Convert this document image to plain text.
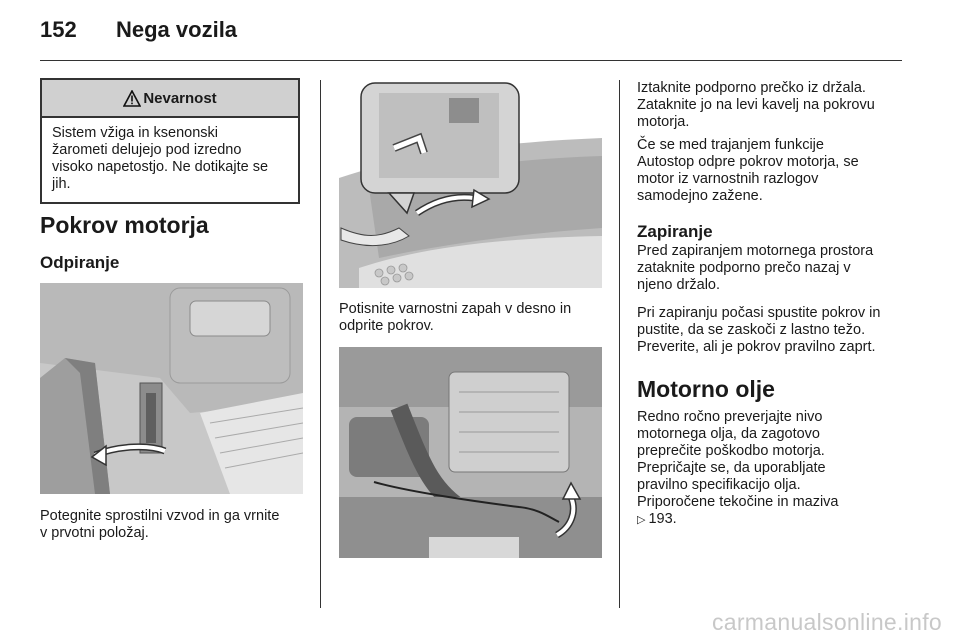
152 Nega vozila
Nevarnost
Sistem vžiga in ksenonski
žarometi delujejo pod izredno
visoko napetostjo. Ne dotikajte se
jih.
Pokrov motorja
Odpiranje
Potegnite sprostilni vzvod in ga vrnite
v prvotni položaj.
Potisnite varnostni zapah v desno in
odprite pokrov.
Iztaknite podporno prečko iz držala.
Zataknite jo na levi kavelj na pokrovu
motorja.
Če se med trajanjem funkcije
Autostop odpre pokrov motorja, se
motor iz varnostnih razlogov
samodejno zažene.
Zapiranje
Pred zapiranjem motornega prostora
zataknite podporno prečo nazaj v
njeno držalo.
Pri zapiranju počasi spustite pokrov in
pustite, da se zaskoči z lastno težo.
Preverite, ali je pokrov pravilno zaprt.
Motorno olje
Redno ročno preverjajte nivo
motornega olja, da zagotovo
preprečite poškodbo motorja.
Prepričajte se, da uporabljate
pravilno specifikacijo olja.
Priporočene tekočine in maziva
▷ 193.
carmanualsonline.info
